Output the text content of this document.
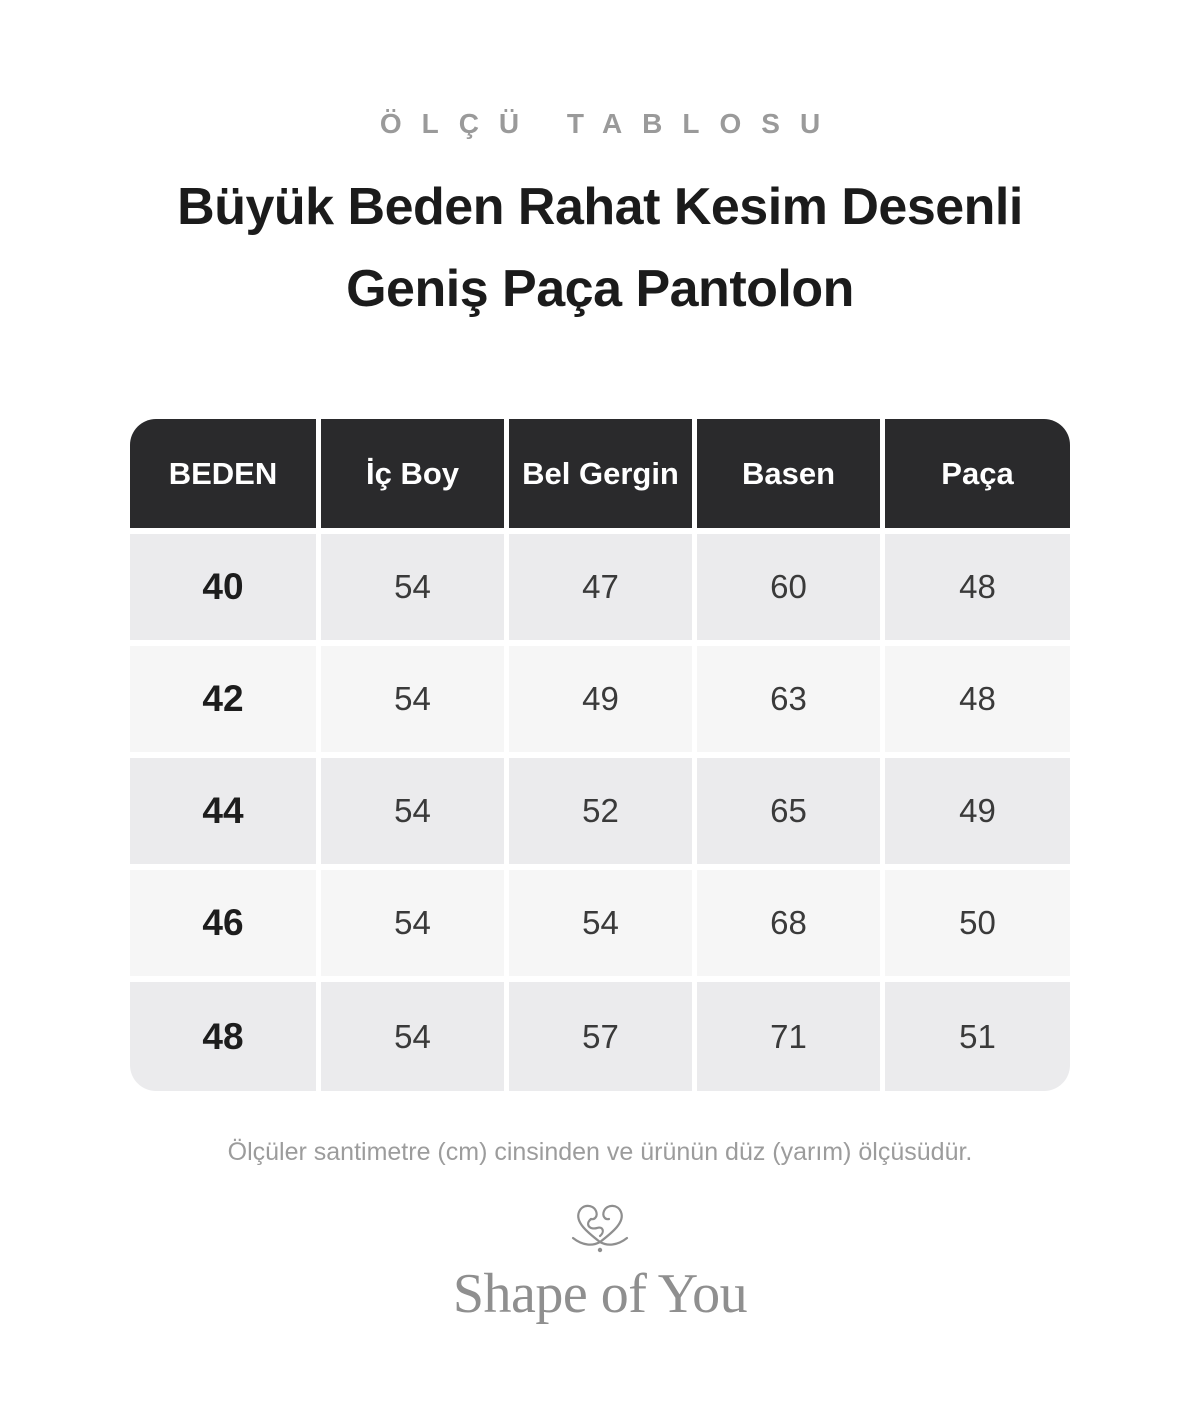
ÖLÇÜ TABLOSU
Büyük Beden Rahat Kesim Desenli
Geniş Paça Pantolon
BEDEN	İç Boy	Bel Gergin	Basen	Paça
40	54	47	60	48
42	54	49	63	48
44	54	52	65	49
46	54	54	68	50
48	54	57	71	51
Ölçüler santimetre (cm) cinsinden ve ürünün düz (yarım) ölçüsüdür.
Shape of You
